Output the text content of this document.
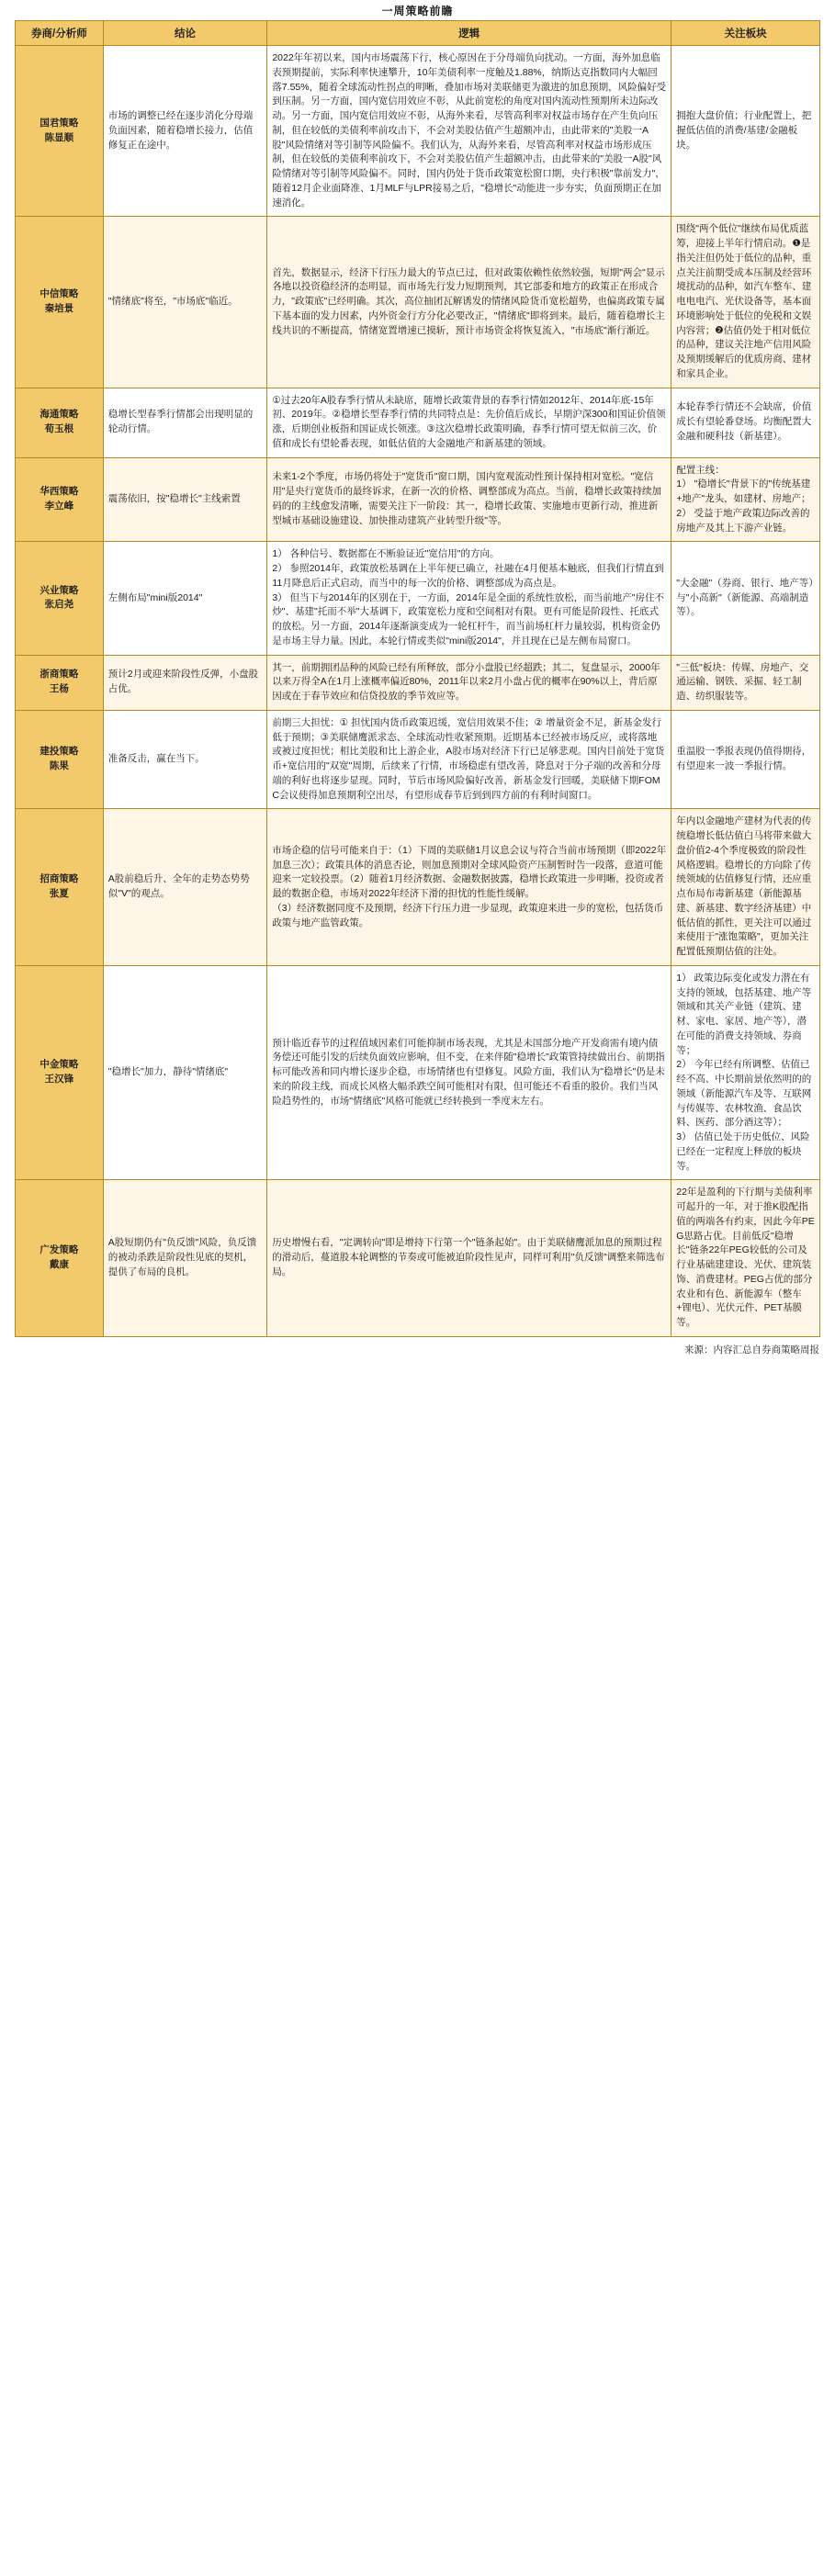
一周策略前瞻
券商/分析师	结论	逻辑	关注板块

国君策略
陈显顺	市场的调整已经在逐步消化分母端负面因素，随着稳增长接力，估值修复正在途中。	2022年年初以来，国内市场震荡下行，核心原因在于分母端负向扰动。一方面，海外加息临表预期提前，实际利率快速攀升，10年美债利率一度触及1.88%，纳斯达克指数同内大幅回落7.55%，随着全球流动性拐点的明晰，叠加市场对美联储更为激进的加息预期，风险偏好受到压制。另一方面，国内宽信用效应不彰，从此前宽松的角度对国内流动性预期所未边际改动。另一方面，国内宽信用效应不彰，从海外来看，尽管高利率对权益市场存在产生负向压制，但在较低的美债利率前攻击下，不会对美股估值产生超额冲击，由此带来的"美股一A股"风险情绪对等引制等风险偏不。我们认为，从海外来看，尽管高利率对权益市场形成压制，但在较低的美债利率前攻下，不会对美股估值产生超额冲击，由此带来的"美股一A股"风险情绪对等引制等风险偏不。同时，国内仍处于货币政策宽松窗口期，央行积极"靠前发力"，随着12月企业面降准、1月MLF与LPR接易之后，"稳增长"动能进一步夯实，负面预期正在加速消化。	拥抱大盘价值；行业配置上，把握低估值的消费/基建/金融板块。

中信策略
秦培景	"情绪底"将至，"市场底"临近。	首先，数据显示，经济下行压力最大的节点已过，但对政策依赖性依然较强，短期"两会"显示各地以投资稳经济的态明显，而市场先行发力短期预判，其它部委和地方的政策正在形成合力，"政策底"已经明确。其次，高位抽团瓦解诱发的情绪风险货币宽松超势，也偏离政策专属下基本面的发力因素，内外资金行方分化必要改正，"情绪底"即将到来。最后，随着稳增长主线共识的不断提高，情绪宽置增速已摸斩，预计市场资金将恢复流入，"市场底"渐行渐近。	围绕"两个低位"继续布局优质蓝筹，迎接上半年行情启动。❶是指关注但仍处于低位的品种，重点关注前期受成本压制及经营环境扰动的品种，如汽车整车、建电电电汽、光伏设备等，基本面环境影响处于低位的免税和文娱内容营；❷估值仍处于相对低位的品种，建议关注地产信用风险及预期缓解后的优质房商、建材和家具企业。

海通策略
荀玉根	稳增长型春季行情都会出现明显的轮动行情。	①过去20年A股春季行情从未缺席，随增长政策背景的春季行情如2012年、2014年底-15年初、2019年。②稳增长型春季行情的共同特点是：先价值后成长，早期沪深300和国证价值领涨，后期创业板指和国证成长领涨。③这次稳增长政策明确，春季行情可望无似前三次，价值和成长有望轮番表现，如低估值的大金融地产和新基建的领域。	本轮春季行情还不会缺席，价值成长有望轮番登场。均衡配置大金融和硬科技（新基建）。

华西策略
李立峰	震荡依旧，按"稳增长"主线索置	未来1-2个季度，市场仍将处于"宽货币"窗口期，国内宽观流动性预计保持相对宽松。"宽信用"是央行宽货币的最终诉求，在新一次的价格、调整部成为高点。当前，稳增长政策持续加码的的主线愈发清晰，需要关注下一阶段：其一，稳增长政策、实施地市更新行动，推进新型城市基础设施建设、加快推动建筑产业转型升级"等。	配置主线：
1） "稳增长"背景下的"传统基建+地产"龙头，如建材、房地产；
2） 受益于地产政策边际改善的房地产及其上下游产业链。

兴业策略
张启尧	左侧布局"mini版2014"	1） 各种信号、数据都在不断验证近"宽信用"的方向。
2） 参照2014年，政策放松基调在上半年便已确立，社融在4月便基本触底，但我们行情直到11月降息后正式启动，而当中的每一次的价格、调整部成为高点是。
3） 但当下与2014年的区别在于，一方面，2014年是全面的系统性放松，而当前地产"房住不炒"、基建"托而不举"大基调下，政策宽松力度和空间相对有限。更有可能是阶段性、托底式的放松。另一方面，2014年逐渐演变成为一轮杠杆牛，而当前场杠杆力量较弱，机构资金仍是市场主导力量。因此，本轮行情或类似"mini版2014"，并且现在已是左侧布局窗口。	"大金融"（券商、银行、地产等）与"小高新"（新能源、高端制造等）。

浙商策略
王杨	预计2月或迎来阶段性反弹，小盘股占优。	其一，前期拥团品种的风险已经有所释放，部分小盘股已经超跌；其二，复盘显示，2000年以来万得全A在1月上涨概率偏近80%，2011年以来2月小盘占优的概率在90%以上，背后原因或在于春节效应和信贷投放的季节效应等。	"三低"板块：传媒、房地产、交通运输、钢铁、采掘、轻工制造、纺织服装等。

建投策略
陈果	准备反击，赢在当下。	前期三大担忧：① 担忧国内货币政策迟缓，宽信用效果不佳；② 增量资金不足，新基金发行低于预期；③美联储鹰派求态、全球流动性收紧预期。近期基本已经被市场反应，或将落地或被过度担忧；相比美股和比上游企业，A股市场对经济下行已足够悲观。国内目前处于宽货币+宽信用的"双宽"周期，后续来了行情，市场稳虑有望改善，降息对于分子端的改善和分母端的利好也将逐步显现。同时，节后市场风险偏好改善，新基金发行回暖，美联储下期FOMC会议使得加息预期利空出尽，有望形成春节后到到四方前的有利时间窗口。	重温股一季报表现仍值得期待，有望迎来一波一季报行情。

招商策略
张夏	A股前稳后升、全年的走势态势势似"V"的观点。	市场企稳的信号可能来自于：（1）下周的美联储1月议息会议与符合当前市场预期（即2022年加息三次）；政策具体的消息否论，则加息预期对全球风险资产压制暂时告一段落，意道可能迎来一定较投票。（2）随着1月经济数据、金融数据披露，稳增长政策进一步明晰，投资或者最的数据企稳，市场对2022年经济下滑的担忧的性能性缓解。
（3）经济数据同度不及预期，经济下行压力进一步显现，政策迎来进一步的宽松，包括货币政策与地产监管政策。	年内以金融地产建材为代表的传统稳增长低估值白马将带来做大盘价值2-4个季度极致的阶段性风格逻辑。稳增长的方向除了传统领域的估值修复行情，还应重点布局布毒新基建（新能源基建、新基建、数字经济基建）中低估值的抓性，更关注可以通过来使用于"涨饱策略"，更加关注配置低预期估值的注处。

中金策略
王汉锋	"稳增长"加力，静待"情绪底"	预计临近春节的过程值域因素们可能抑制市场表现，尤其是未国部分地产开发商需有境内债务偿还可能引发的后续负面效应影响，但不变，在来伴随"稳增长"政策管持续做出台、前期指标可能改善和同内增长逐步企稳，市场情绪也有望修复。风险方面，我们认为"稳增长"仍是未来的阶段主线，而成长风格大幅杀跌空间可能相对有限，但可能还不看重的股价。我们当风险趋势性的，市场"情绪底"风格可能就已经转换到一季度末左右。	1） 政策边际变化或发力潜在有支持的领域，包括基建、地产等领域和其关产业链（建筑、建材、家电、家居、地产等），潜在可能的消费支持领域、券商等；
2） 今年已经有所调整、估值已经不高、中长期前景依然明的的领域（新能源汽车及等、互联网与传媒等、农林牧渔、食品饮料、医药、部分酒这等）；
3） 估值已处于历史低位、风险已经在一定程度上释放的板块等。

广发策略
戴康	A股短期仍有"负反馈"风险，负反馈的被动杀跌是阶段性见底的契机，提供了布局的良机。	历史增慢右看，"定调转向"即是增持下行第一个"链条起始"。由于美联储鹰派加息的预期过程的滑动后，蔓道股本轮调整的节奏或可能被迫阶段性见声，同样可利用"负反馈"调整来筛选布局。	22年是盈利的下行期与美债利率可起升的一年，对于推K股配指值的两端各有约束，因此今年PEG思路占优。目前低反"稳增长"链条22年PEG较低的公司及行业基础建建设、光伏、建筑装饰、消费建材。PEG占优的部分农业和有色、新能源车（整车+锂电）、光伏元件、PET基膜等。
来源：内容汇总自券商策略周报
